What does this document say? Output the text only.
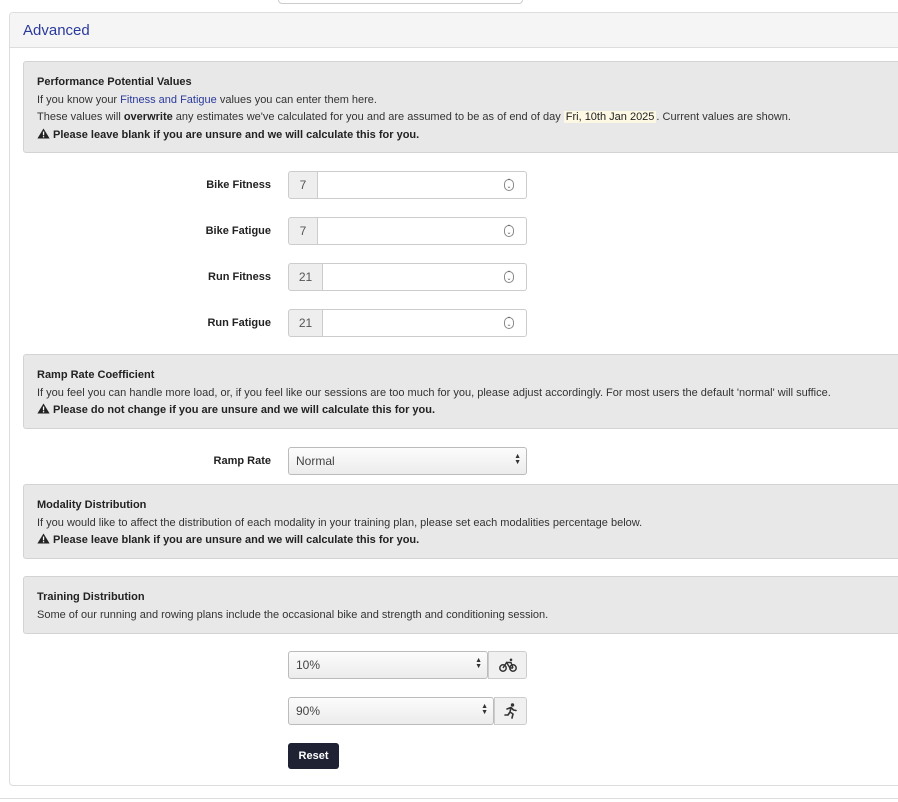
Advanced
Performance Potential Values
If you know your Fitness and Fatigue values you can enter them here.
These values will overwrite any estimates we've calculated for you and are assumed to be as of end of day Fri, 10th Jan 2025 . Current values are shown.
Please leave blank if you are unsure and we will calculate this for you.
Bike Fitness	7	⌃
⌄
Bike Fatigue	7	⌃
⌄
Run Fitness	21	⌃
⌄
Run Fatigue	21	⌃
⌄
Ramp Rate Coefficient
If you feel you can handle more load, or, if you feel like our sessions are too much for you, please adjust accordingly. For most users the default 'normal' will suffice.
Please do not change if you are unsure and we will calculate this for you.
Ramp Rate	Normal	▲
▼
Modality Distribution
If you would like to affect the distribution of each modality in your training plan, please set each modalities percentage below.
Please leave blank if you are unsure and we will calculate this for you.
Training Distribution
Some of our running and rowing plans include the occasional bike and strength and conditioning session.
10%	▲
▼
90%	▲
▼
Reset
